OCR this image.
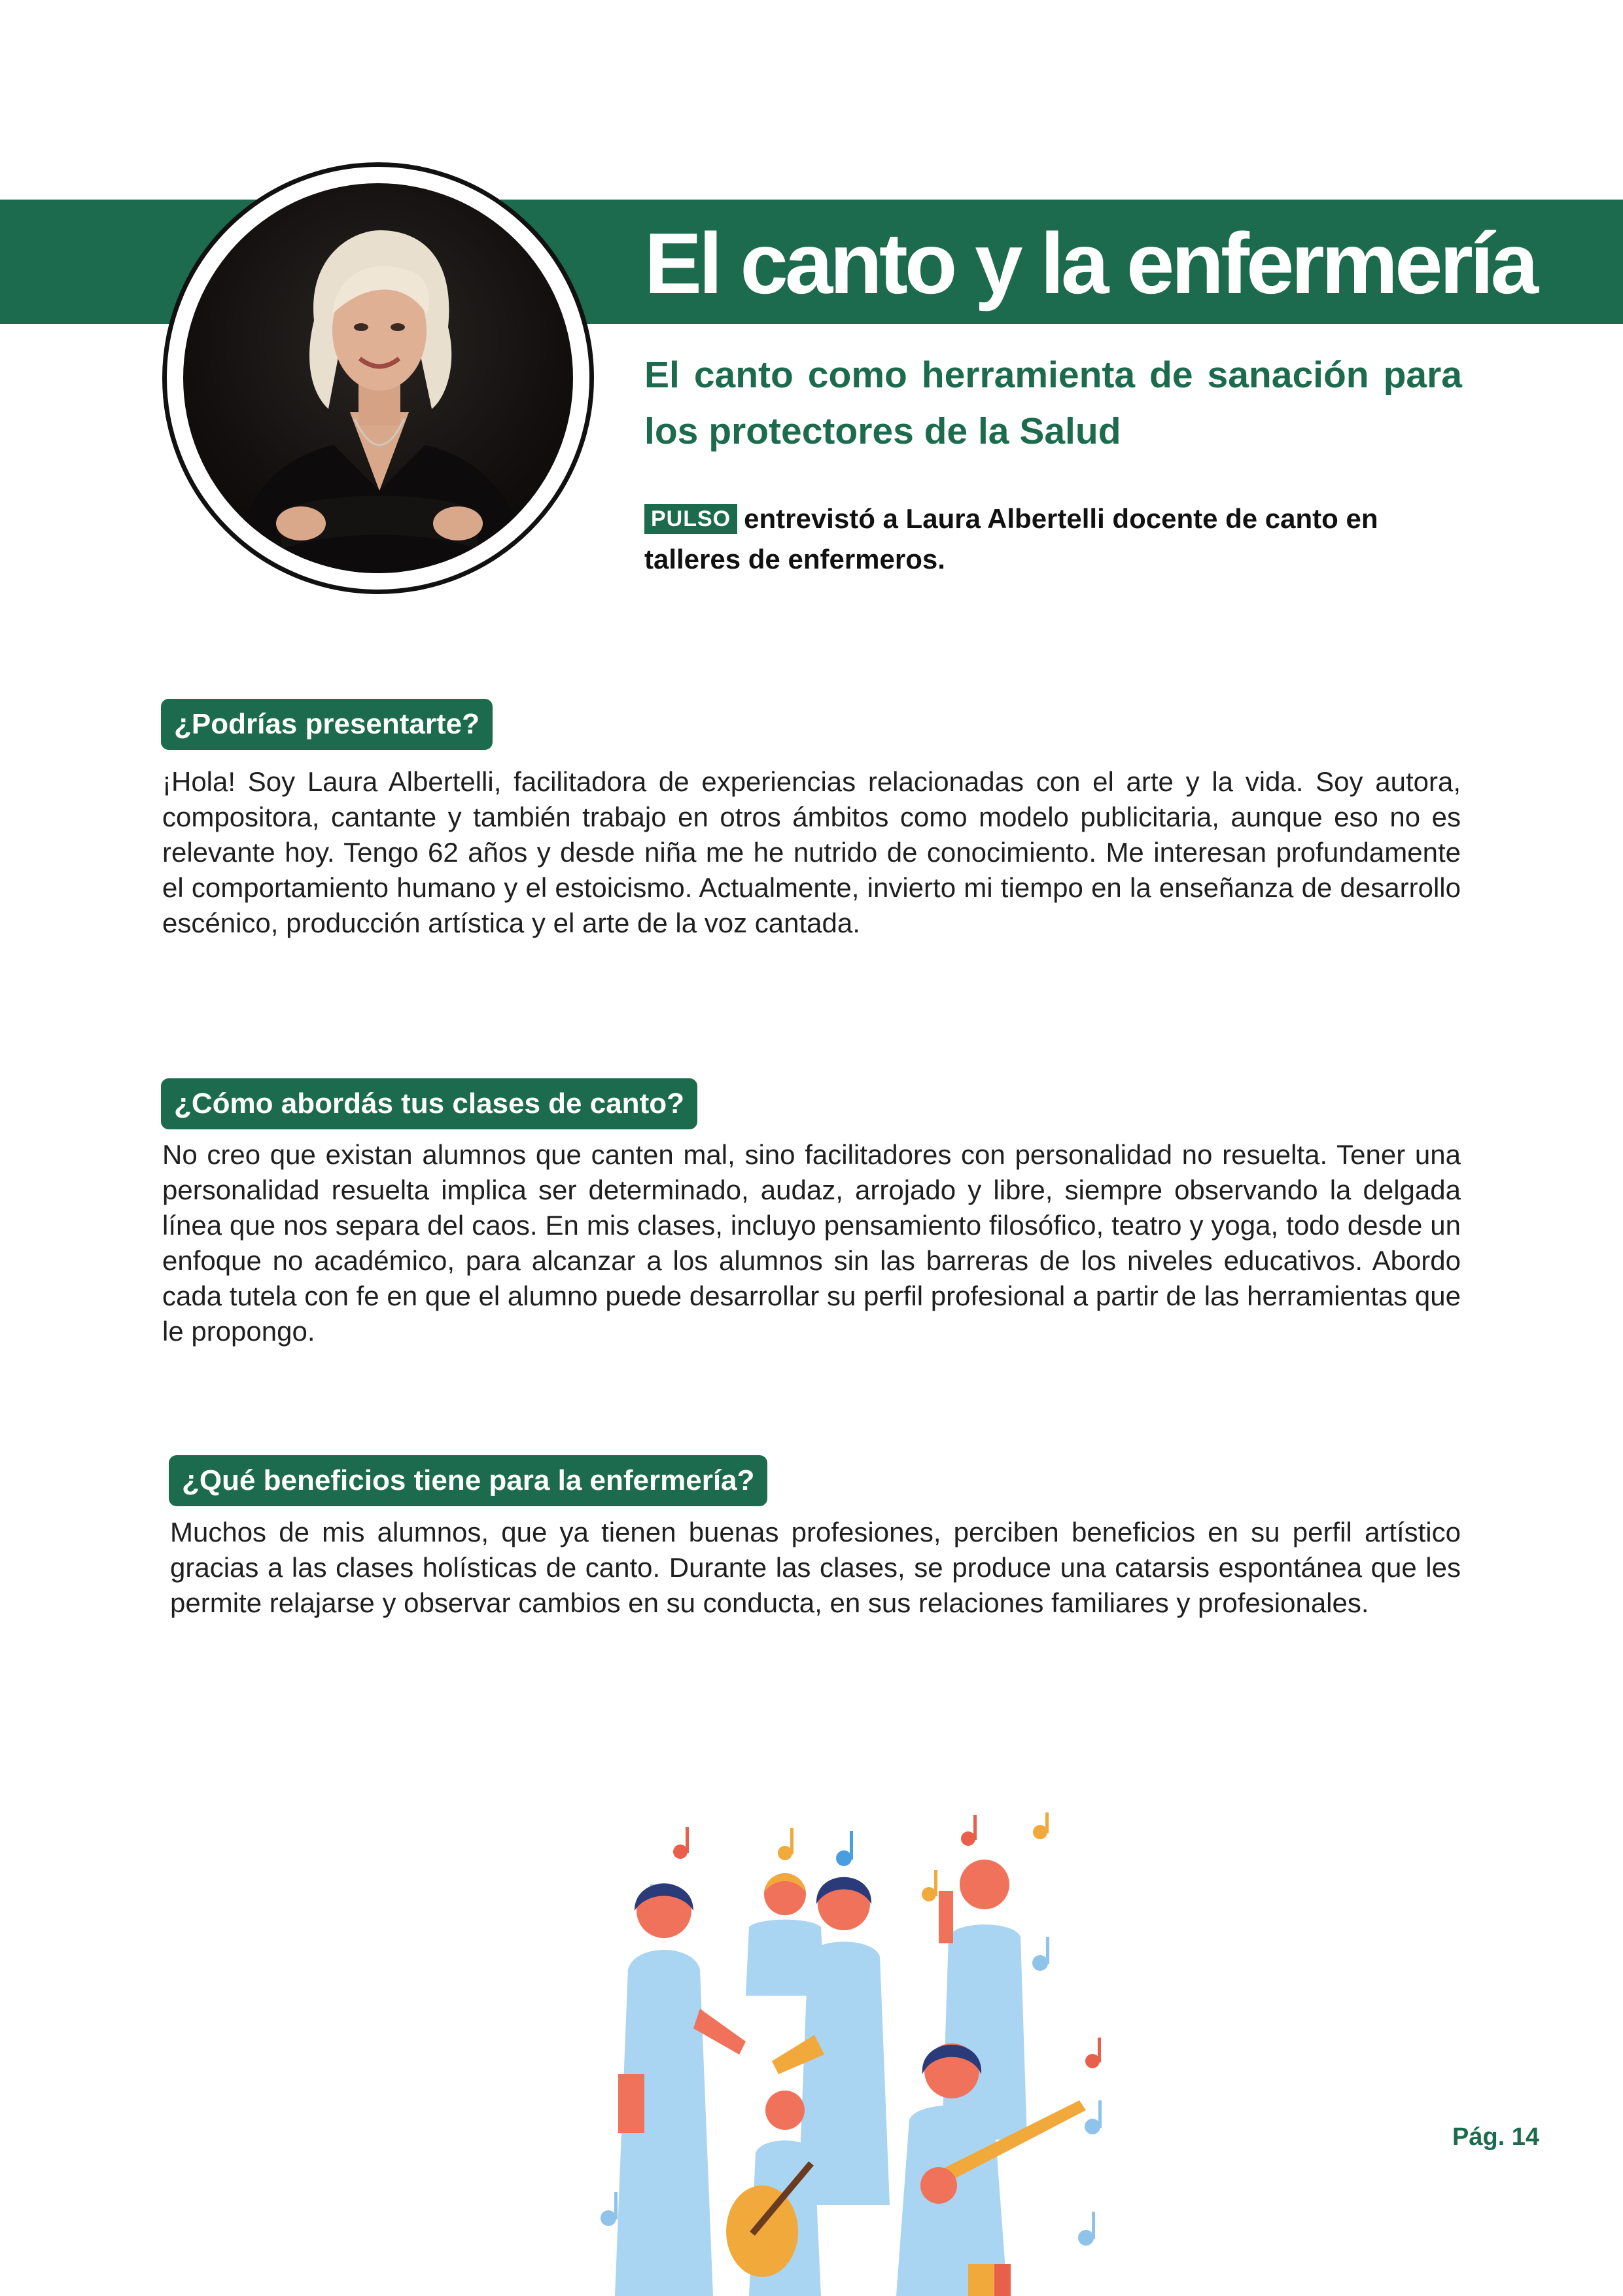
El canto y la enfermería
El canto como herramienta de sanación para los protectores de la Salud

PULSO entrevistó a Laura Albertelli docente de canto en talleres de enfermeros.

¿Podrías presentarte?

¡Hola! Soy Laura Albertelli, facilitadora de experiencias relacionadas con el arte y la vida. Soy autora, compositora, cantante y también trabajo en otros ámbitos como modelo publicitaria, aunque eso no es relevante hoy. Tengo 62 años y desde niña me he nutrido de conocimiento. Me interesan profundamente el comportamiento humano y el estoicismo. Actualmente, invierto mi tiempo en la enseñanza de desarrollo escénico, producción artística y el arte de la voz cantada.

¿Cómo abordás tus clases de canto?

No creo que existan alumnos que canten mal, sino facilitadores con personalidad no resuelta. Tener una personalidad resuelta implica ser determinado, audaz, arrojado y libre, siempre observando la delgada línea que nos separa del caos. En mis clases, incluyo pensamiento filosófico, teatro y yoga, todo desde un enfoque no académico, para alcanzar a los alumnos sin las barreras de los niveles educativos. Abordo cada tutela con fe en que el alumno puede desarrollar su perfil profesional a partir de las herramientas que le propongo.

¿Qué beneficios tiene para la enfermería?

Muchos de mis alumnos, que ya tienen buenas profesiones, perciben beneficios en su perfil artístico gracias a las clases holísticas de canto. Durante las clases, se produce una catarsis espontánea que les permite relajarse y observar cambios en su conducta, en sus relaciones familiares y profesionales.

Pág. 14
